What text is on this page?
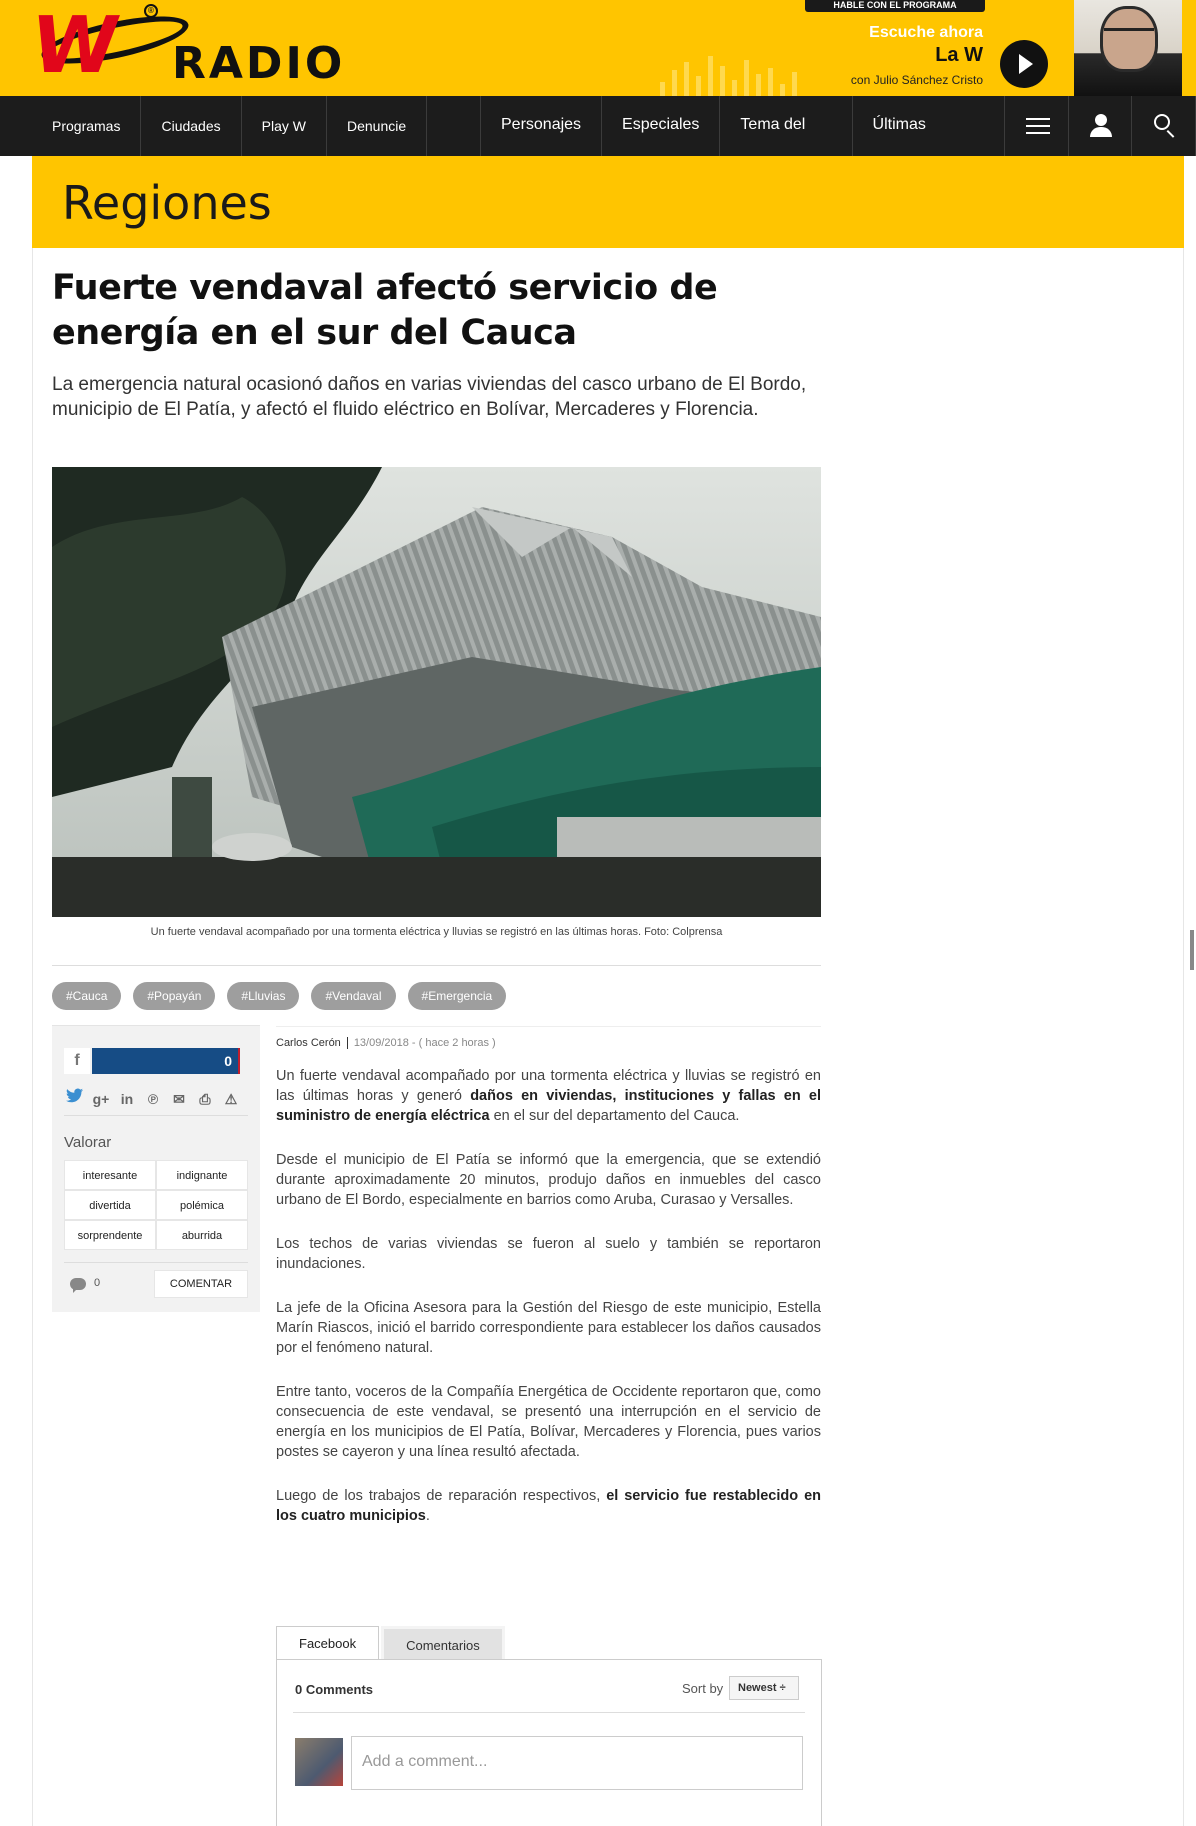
W	®
RADIO
HABLE CON EL PROGRAMA
Escuche ahora
La W
con Julio Sánchez Cristo
Programas	Ciudades	Play W	Denuncie	Personajes	Especiales	Tema del	Últimas
Regiones
Fuerte vendaval afectó servicio de energía en el sur del Cauca

La emergencia natural ocasionó daños en varias viviendas del casco urbano de El Bordo, municipio de El Patía, y afectó el fluido eléctrico en Bolívar, Mercaderes y Florencia.

Un fuerte vendaval acompañado por una tormenta eléctrica y lluvias se registró en las últimas horas. Foto: Colprensa
#Cauca	#Popayán	#Lluvias	#Vendaval	#Emergencia
f	0
g+ in	℗	✉	⎙	⚠
Valorar
interesante	indignante
divertida	polémica
sorprendente	aburrida
0	COMENTAR
Carlos Cerón 13/09/2018 - ( hace 2 horas )

Un fuerte vendaval acompañado por una tormenta eléctrica y lluvias se registró en las últimas horas y generó daños en viviendas, instituciones y fallas en el suministro de energía eléctrica en el sur del departamento del Cauca.

Desde el municipio de El Patía se informó que la emergencia, que se extendió durante aproximadamente 20 minutos, produjo daños en inmuebles del casco urbano de El Bordo, especialmente en barrios como Aruba, Curasao y Versalles.

Los techos de varias viviendas se fueron al suelo y también se reportaron inundaciones.

La jefe de la Oficina Asesora para la Gestión del Riesgo de este municipio, Estella Marín Riascos, inició el barrido correspondiente para establecer los daños causados por el fenómeno natural.

Entre tanto, voceros de la Compañía Energética de Occidente reportaron que, como consecuencia de este vendaval, se presentó una interrupción en el servicio de energía en los municipios de El Patía, Bolívar, Mercaderes y Florencia, pues varios postes se cayeron y una línea resultó afectada.

Luego de los trabajos de reparación respectivos, el servicio fue restablecido en los cuatro municipios.

Facebook	Comentarios
0 Comments	Sort by	Newest ÷
Add a comment...
